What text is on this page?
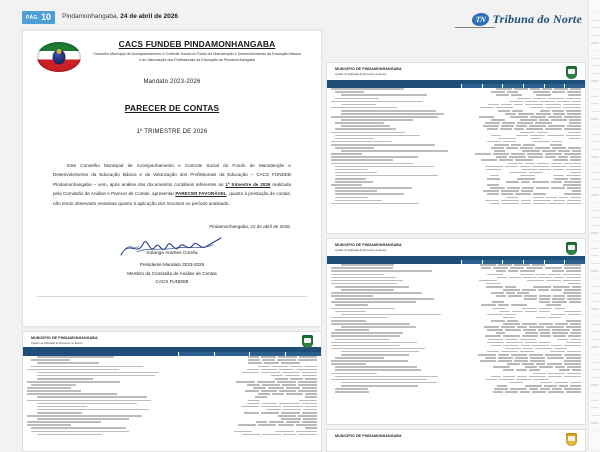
PÁG. 10 Pindamonhangaba, 24 de abril de 2026	TN Tribuna do Norte
CACS FUNDEB PINDAMONHANGABA
Conselho Municipal de Acompanhamento e Controle Social do Fundo de Manutenção e Desenvolvimento da Educação Básica e de Valorização dos Profissionais da Educação de Pindamonhangaba
Mandato 2023-2026
PARECER DE CONTAS
1º TRIMESTRE DE 2026

Este Conselho Municipal de Acompanhamento e Controle Social do Fundo de Manutenção e Desenvolvimento da Educação Básica e de Valorização dos Profissionais da Educação – CACS FUNDEB Pindamonhangaba – vem, após análise dos documentos contábeis referentes ao 1º trimestre de 2026 realizada pela Comissão de Análise e Parecer de Contas, apresentar PARECER FAVORÁVEL, quanto à prestação de contas, não tendo observado ressalvas quanto à aplicação dos recursos no período analisado.

Pindamonhangaba, 22 de abril de 2026.
Solange Arantes Corrêa
Presidente Mandato 2023-2026
Membro da Comissão de Análise de Contas
CACS FUNDEB
MUNICÍPIO DE PINDAMONHANGABA
Quadro de Aplicação de Recursos no Ensino
MUNICÍPIO DE PINDAMONHANGABA
Quadro de Aplicação de Recursos no Ensino
MUNICÍPIO DE PINDAMONHANGABA
MUNICÍPIO DE PINDAMONHANGABA
Quadro de Aplicação de Recursos no Ensino
